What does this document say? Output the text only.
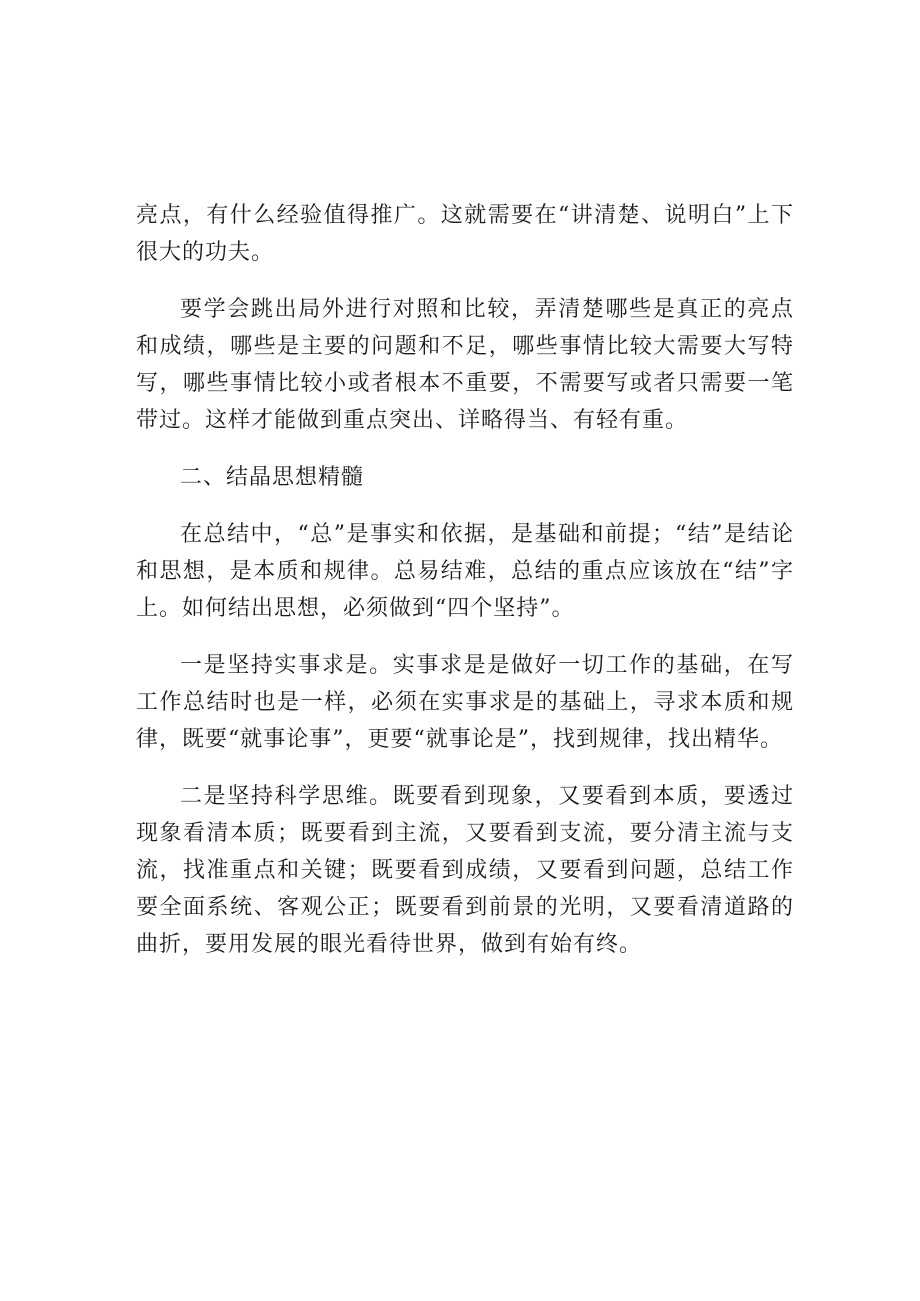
亮点，有什么经验值得推广。这就需要在“讲清楚、说明白”上下很大的功夫。

要学会跳出局外进行对照和比较，弄清楚哪些是真正的亮点和成绩，哪些是主要的问题和不足，哪些事情比较大需要大写特写，哪些事情比较小或者根本不重要，不需要写或者只需要一笔带过。这样才能做到重点突出、详略得当、有轻有重。

二、结晶思想精髓

在总结中，“总”是事实和依据，是基础和前提；“结”是结论和思想，是本质和规律。总易结难，总结的重点应该放在“结”字上。如何结出思想，必须做到“四个坚持”。

一是坚持实事求是。实事求是是做好一切工作的基础，在写工作总结时也是一样，必须在实事求是的基础上，寻求本质和规律，既要“就事论事”，更要“就事论是”，找到规律，找出精华。

二是坚持科学思维。既要看到现象，又要看到本质，要透过现象看清本质；既要看到主流，又要看到支流，要分清主流与支流，找准重点和关键；既要看到成绩，又要看到问题，总结工作要全面系统、客观公正；既要看到前景的光明，又要看清道路的曲折，要用发展的眼光看待世界，做到有始有终。
